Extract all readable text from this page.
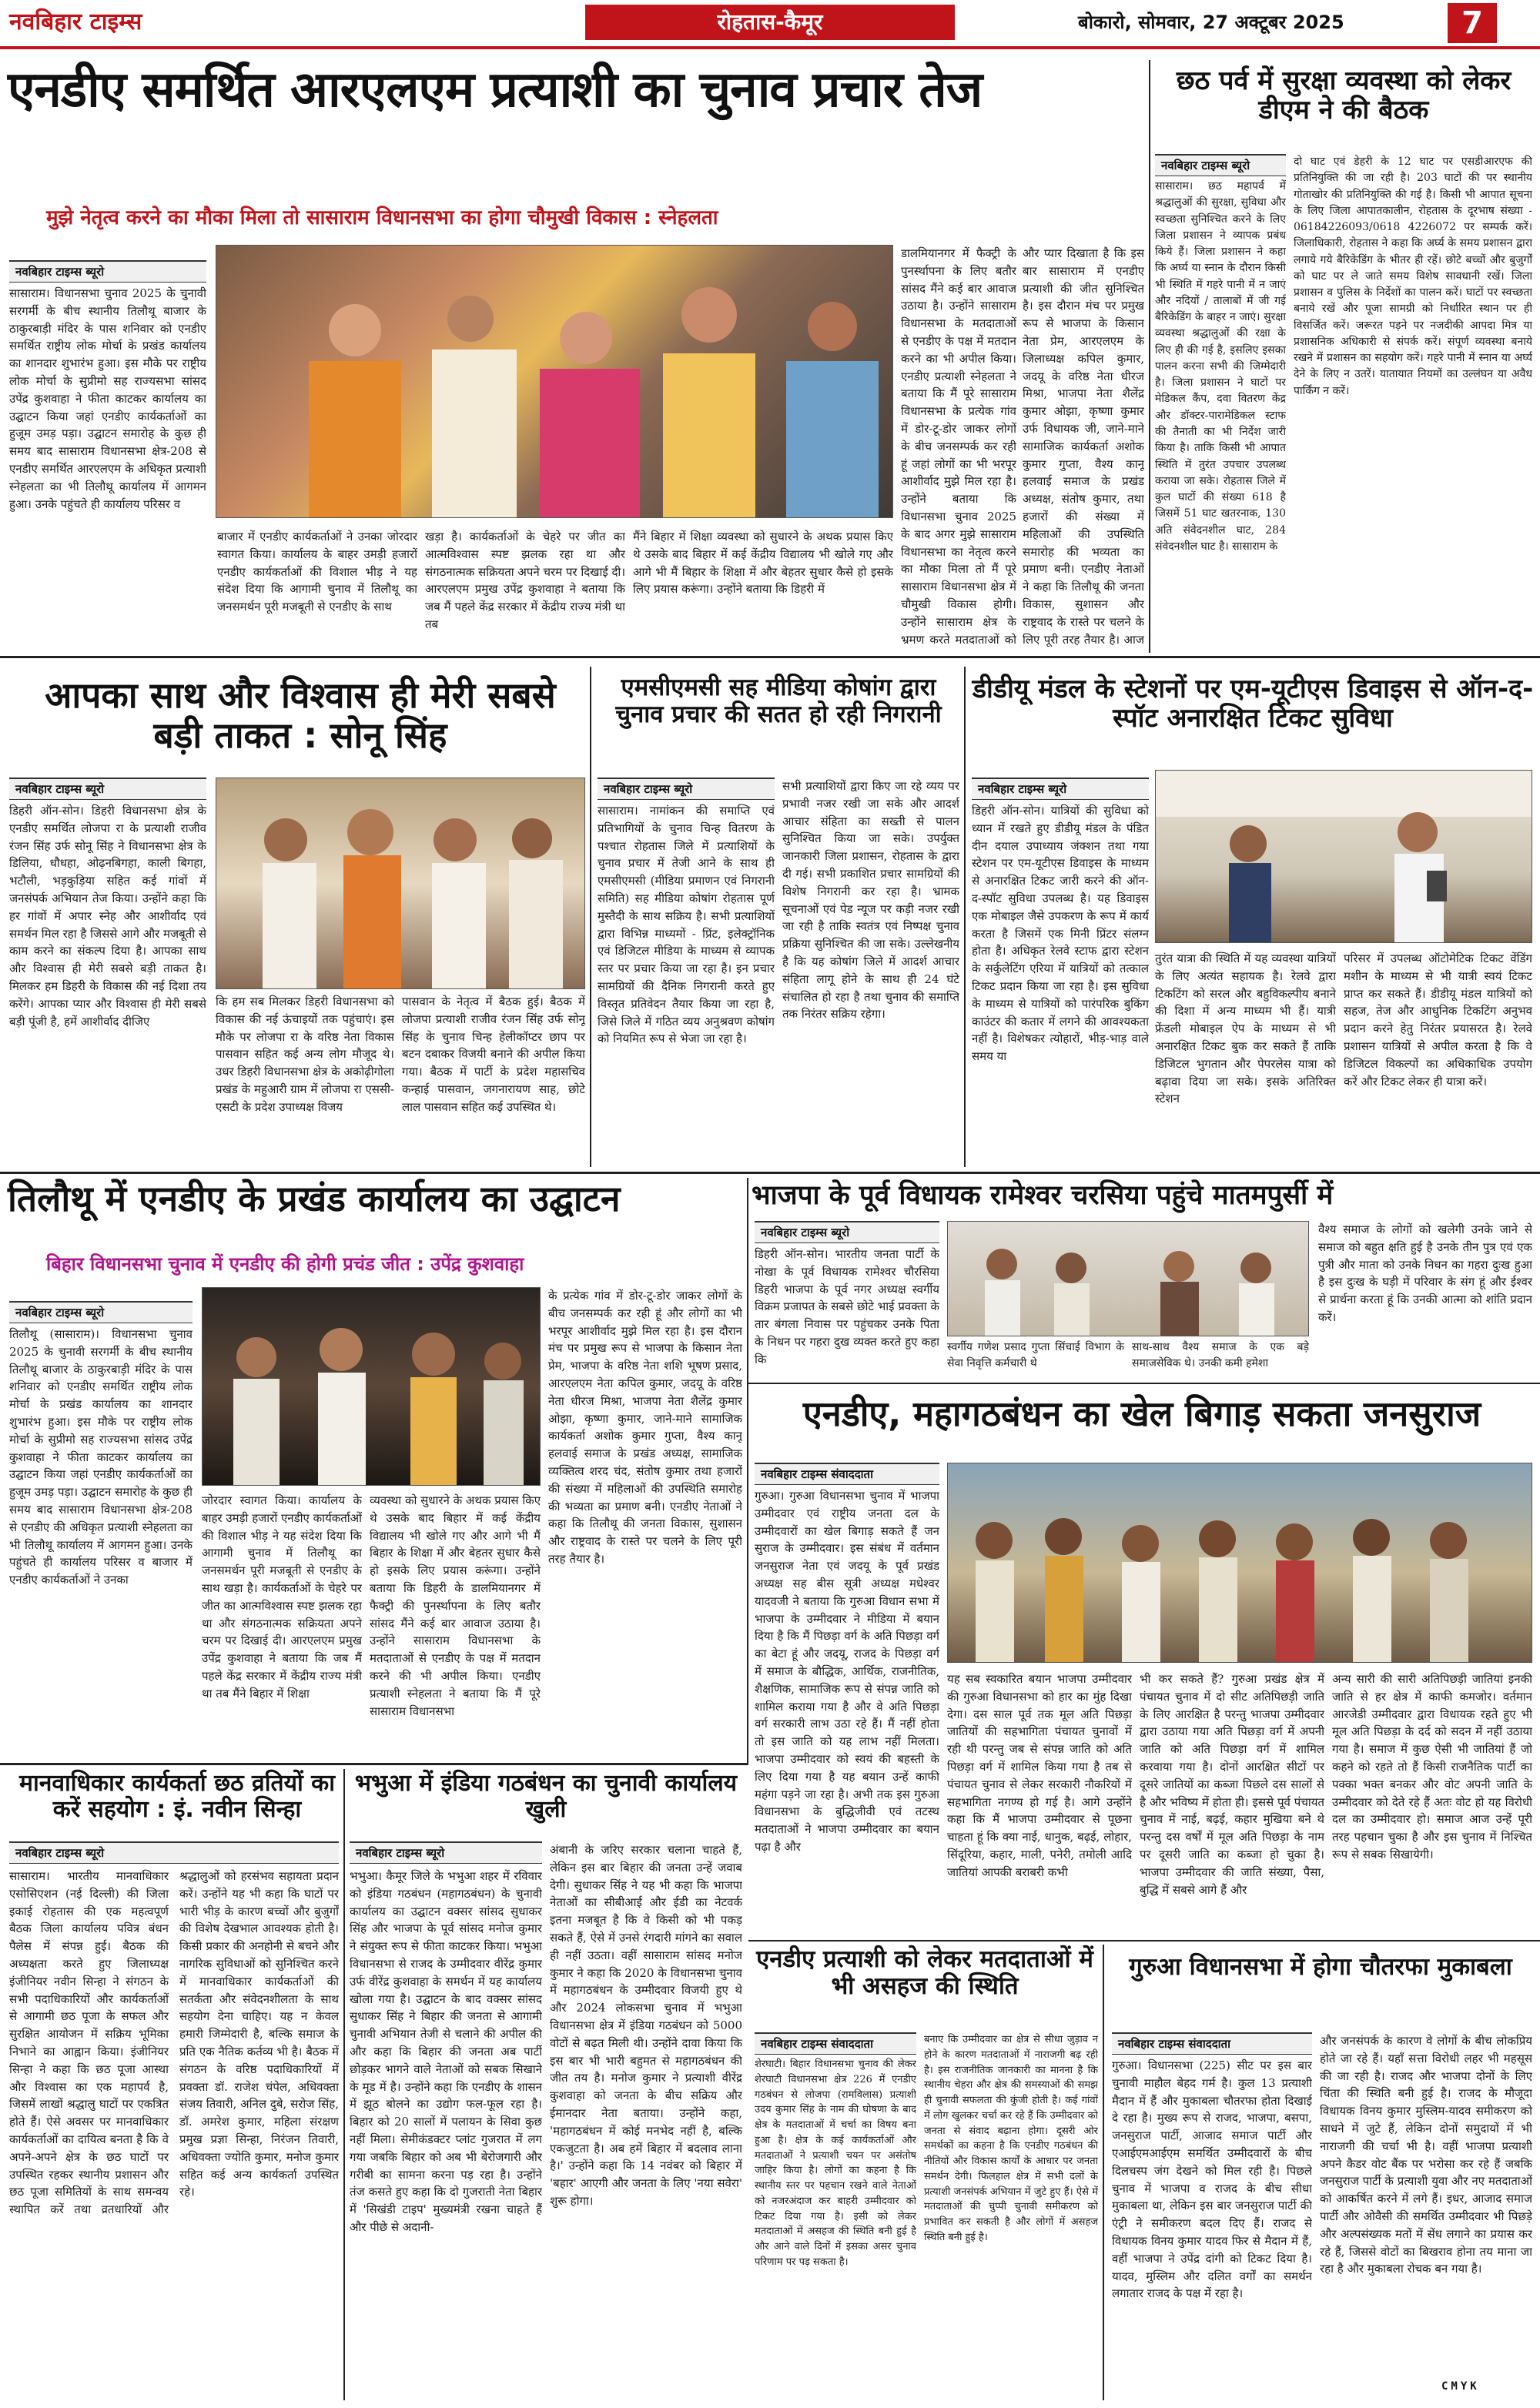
नवबिहार टाइम्स	रोहतास-कैमूर	बोकारो, सोमवार, 27 अक्टूबर 2025	7
एनडीए समर्थित आरएलएम प्रत्याशी का चुनाव प्रचार तेज
मुझे नेतृत्व करने का मौका मिला तो सासाराम विधानसभा का होगा चौमुखी विकास : स्नेहलता
नवबिहार टाइम्स ब्यूरो
सासाराम। विधानसभा चुनाव 2025 के चुनावी सरगर्मी के बीच स्थानीय तिलौथू बाजार के ठाकुरबाड़ी मंदिर के पास शनिवार को एनडीए समर्थित राष्ट्रीय लोक मोर्चा के प्रखंड कार्यालय का शानदार शुभारंभ हुआ। इस मौके पर राष्ट्रीय लोक मोर्चा के सुप्रीमो सह राज्यसभा सांसद उपेंद्र कुशवाहा ने फीता काटकर कार्यालय का उद्घाटन किया जहां एनडीए कार्यकर्ताओं का हुजूम उमड़ पड़ा। उद्घाटन समारोह के कुछ ही समय बाद सासाराम विधानसभा क्षेत्र-208 से एनडीए समर्थित आरएलएम के अधिकृत प्रत्याशी स्नेहलता का भी तिलौथू कार्यालय में आगमन हुआ। उनके पहुंचते ही कार्यालय परिसर व
बाजार में एनडीए कार्यकर्ताओं ने उनका जोरदार स्वागत किया। कार्यालय के बाहर उमड़ी हजारों एनडीए कार्यकर्ताओं की विशाल भीड़ ने यह संदेश दिया कि आगामी चुनाव में तिलौथू का जनसमर्थन पूरी मजबूती से एनडीए के साथ
खड़ा है। कार्यकर्ताओं के चेहरे पर जीत का आत्मविश्वास स्पष्ट झलक रहा था और संगठनात्मक सक्रियता अपने चरम पर दिखाई दी। आरएलएम प्रमुख उपेंद्र कुशवाहा ने बताया कि जब मैं पहले केंद्र सरकार में केंद्रीय राज्य मंत्री था तब
मैंने बिहार में शिक्षा व्यवस्था को सुधारने के अथक प्रयास किए थे उसके बाद बिहार में कई केंद्रीय विद्यालय भी खोले गए और आगे भी मैं बिहार के शिक्षा में और बेहतर सुधार कैसे हो इसके लिए प्रयास करूंगा। उन्होंने बताया कि डिहरी में
छठ पर्व में सुरक्षा व्यवस्था को लेकर डीएम ने की बैठक
नवबिहार टाइम्स ब्यूरो
सासाराम। छठ महापर्व में श्रद्धालुओं की सुरक्षा, सुविधा और स्वच्छता सुनिश्चित करने के लिए जिला प्रशासन ने व्यापक प्रबंध किये हैं। जिला प्रशासन ने कहा कि अर्घ्य या स्नान के दौरान किसी भी स्थिति में गहरे पानी में न जाएं और नदियों / तालाबों में जी गई बैरिकेडिंग के बाहर न जाएं। सुरक्षा व्यवस्था श्रद्धालुओं की रक्षा के लिए ही की गई है, इसलिए इसका पालन करना सभी की जिम्मेदारी है। जिला प्रशासन ने घाटों पर मेडिकल कैंप, दवा वितरण केंद्र और डॉक्टर-पारामेडिकल स्टाफ की तैनाती का भी निर्देश जारी किया है। ताकि किसी भी आपात स्थिति में तुरंत उपचार उपलब्ध कराया जा सके। रोहतास जिले में कुल घाटों की संख्या 618 है जिसमें 51 घाट खतरनाक, 130 अति संवेदनशील घाट, 284 संवेदनशील घाट है। सासाराम के
दो घाट एवं डेहरी के 12 घाट पर एसडीआरएफ की प्रतिनियुक्ति की जा रही है। 203 घाटों की पर स्थानीय गोताखोर की प्रतिनियुक्ति की गई है। किसी भी आपात सूचना के लिए जिला आपातकालीन, रोहतास के दूरभाष संख्या - 06184226093/0618 4226072 पर सम्पर्क करें। जिलाधिकारी, रोहतास ने कहा कि अर्घ्य के समय प्रशासन द्वारा लगाये गये बैरिकेडिंग के भीतर ही रहें। छोटे बच्चों और बुजुर्गों को घाट पर ले जाते समय विशेष सावधानी रखें। जिला प्रशासन व पुलिस के निर्देशों का पालन करें। घाटों पर स्वच्छता बनाये रखें और पूजा सामग्री को निर्धारित स्थान पर ही विसर्जित करें। जरूरत पड़ने पर नजदीकी आपदा मित्र या प्रशासनिक अधिकारी से संपर्क करें। संपूर्ण व्यवस्था बनाये रखने में प्रशासन का सहयोग करें। गहरे पानी में स्नान या अर्घ्य देने के लिए न उतरें। यातायात नियमों का उल्लंघन या अवैध पार्किंग न करें।
आपका साथ और विश्वास ही मेरी सबसे बड़ी ताकत : सोनू सिंह
नवबिहार टाइम्स ब्यूरो
डिहरी ऑन-सोन। डिहरी विधानसभा क्षेत्र के एनडीए समर्थित लोजपा रा के प्रत्याशी राजीव रंजन सिंह उर्फ सोनू सिंह ने विधानसभा क्षेत्र के डिलिया, धौधहा, ओढ़नबिगहा, काली बिगहा, भटौली, भड़कुड़िया सहित कई गांवों में जनसंपर्क अभियान तेज किया। उन्होंने कहा कि हर गांवों में अपार स्नेह और आशीर्वाद एवं समर्थन मिल रहा है जिससे आगे और मजबूती से काम करने का संकल्प दिया है। आपका साथ और विश्वास ही मेरी सबसे बड़ी ताकत है। मिलकर हम डिहरी के विकास की नई दिशा तय करेंगे। आपका प्यार और विश्वास ही मेरी सबसे बड़ी पूंजी है, हमें आशीर्वाद दीजिए
कि हम सब मिलकर डिहरी विधानसभा को विकास की नई ऊंचाइयों तक पहुंचाएं। इस मौके पर लोजपा रा के वरिष्ठ नेता विकास पासवान सहित कई अन्य लोग मौजूद थे। उधर डिहरी विधानसभा क्षेत्र के अकोढ़ीगोला प्रखंड के महुआरी ग्राम में लोजपा रा एससी-एसटी के प्रदेश उपाध्यक्ष विजय
पासवान के नेतृत्व में बैठक हुई। बैठक में लोजपा प्रत्याशी राजीव रंजन सिंह उर्फ सोनू सिंह के चुनाव चिन्ह हेलीकॉप्टर छाप पर बटन दबाकर विजयी बनाने की अपील किया गया। बैठक में पार्टी के प्रदेश महासचिव कन्हाई पासवान, जगनारायण साह, छोटे लाल पासवान सहित कई उपस्थित थे।
एमसीएमसी सह मीडिया कोषांग द्वारा चुनाव प्रचार की सतत हो रही निगरानी
नवबिहार टाइम्स ब्यूरो
सासाराम। नामांकन की समाप्ति एवं प्रतिभागियों के चुनाव चिन्ह वितरण के पश्चात रोहतास जिले में प्रत्याशियों के चुनाव प्रचार में तेजी आने के साथ ही एमसीएमसी (मीडिया प्रमाणन एवं निगरानी समिति) सह मीडिया कोषांग रोहतास पूर्ण मुस्तैदी के साथ सक्रिय है। सभी प्रत्याशियों द्वारा विभिन्न माध्यमों - प्रिंट, इलेक्ट्रॉनिक एवं डिजिटल मीडिया के माध्यम से व्यापक स्तर पर प्रचार किया जा रहा है। इन प्रचार सामग्रियों की दैनिक निगरानी करते हुए विस्तृत प्रतिवेदन तैयार किया जा रहा है, जिसे जिले में गठित व्यय अनुश्रवण कोषांग को नियमित रूप से भेजा जा रहा है।
सभी प्रत्याशियों द्वारा किए जा रहे व्यय पर प्रभावी नजर रखी जा सके और आदर्श आचार संहिता का सख्ती से पालन सुनिश्चित किया जा सके। उपर्युक्त जानकारी जिला प्रशासन, रोहतास के द्वारा दी गई। सभी प्रकाशित प्रचार सामग्रियों की विशेष निगरानी कर रहा है। भ्रामक सूचनाओं एवं पेड न्यूज पर कड़ी नजर रखी जा रही है ताकि स्वतंत्र एवं निष्पक्ष चुनाव प्रक्रिया सुनिश्चित की जा सके। उल्लेखनीय है कि यह कोषांग जिले में आदर्श आचार संहिता लागू होने के साथ ही 24 घंटे संचालित हो रहा है तथा चुनाव की समाप्ति तक निरंतर सक्रिय रहेगा।
डीडीयू मंडल के स्टेशनों पर एम-यूटीएस डिवाइस से ऑन-द-स्पॉट अनारक्षित टिकट सुविधा
नवबिहार टाइम्स ब्यूरो
डिहरी ऑन-सोन। यात्रियों की सुविधा को ध्यान में रखते हुए डीडीयू मंडल के पंडित दीन दयाल उपाध्याय जंक्शन तथा गया स्टेशन पर एम-यूटीएस डिवाइस के माध्यम से अनारक्षित टिकट जारी करने की ऑन-द-स्पॉट सुविधा उपलब्ध है। यह डिवाइस एक मोबाइल जैसे उपकरण के रूप में कार्य करता है जिसमें एक मिनी प्रिंटर संलग्न होता है। अधिकृत रेलवे स्टाफ द्वारा स्टेशन के सर्कुलेटिंग एरिया में यात्रियों को तत्काल टिकट प्रदान किया जा रहा है। इस सुविधा के माध्यम से यात्रियों को पारंपरिक बुकिंग काउंटर की कतार में लगने की आवश्यकता नहीं है। विशेषकर त्योहारों, भीड़-भाड़ वाले समय या
तुरंत यात्रा की स्थिति में यह व्यवस्था यात्रियों के लिए अत्यंत सहायक है। रेलवे द्वारा टिकटिंग को सरल और बहुविकल्पीय बनाने की दिशा में अन्य माध्यम भी हैं। यात्री फ्रेंडली मोबाइल ऐप के माध्यम से भी अनारक्षित टिकट बुक कर सकते हैं ताकि डिजिटल भुगतान और पेपरलेस यात्रा को बढ़ावा दिया जा सके। इसके अतिरिक्त स्टेशन
परिसर में उपलब्ध ऑटोमेटिक टिकट वेंडिंग मशीन के माध्यम से भी यात्री स्वयं टिकट प्राप्त कर सकते हैं। डीडीयू मंडल यात्रियों को सहज, तेज और आधुनिक टिकटिंग अनुभव प्रदान करने हेतु निरंतर प्रयासरत है। रेलवे प्रशासन यात्रियों से अपील करता है कि वे डिजिटल विकल्पों का अधिकाधिक उपयोग करें और टिकट लेकर ही यात्रा करें।
तिलौथू में एनडीए के प्रखंड कार्यालय का उद्घाटन
बिहार विधानसभा चुनाव में एनडीए की होगी प्रचंड जीत : उपेंद्र कुशवाहा
नवबिहार टाइम्स ब्यूरो
तिलौथू (सासाराम)। विधानसभा चुनाव 2025 के चुनावी सरगर्मी के बीच स्थानीय तिलौथू बाजार के ठाकुरबाड़ी मंदिर के पास शनिवार को एनडीए समर्थित राष्ट्रीय लोक मोर्चा के प्रखंड कार्यालय का शानदार शुभारंभ हुआ। इस मौके पर राष्ट्रीय लोक मोर्चा के सुप्रीमो सह राज्यसभा सांसद उपेंद्र कुशवाहा ने फीता काटकर कार्यालय का उद्घाटन किया जहां एनडीए कार्यकर्ताओं का हुजूम उमड़ पड़ा। उद्घाटन समारोह के कुछ ही समय बाद सासाराम विधानसभा क्षेत्र-208 से एनडीए की अधिकृत प्रत्याशी स्नेहलता का भी तिलौथू कार्यालय में आगमन हुआ। उनके पहुंचते ही कार्यालय परिसर व बाजार में एनडीए कार्यकर्ताओं ने उनका
जोरदार स्वागत किया। कार्यालय के बाहर उमड़ी हजारों एनडीए कार्यकर्ताओं की विशाल भीड़ ने यह संदेश दिया कि आगामी चुनाव में तिलौथू का जनसमर्थन पूरी मजबूती से एनडीए के साथ खड़ा है। कार्यकर्ताओं के चेहरे पर जीत का आत्मविश्वास स्पष्ट झलक रहा था और संगठनात्मक सक्रियता अपने चरम पर दिखाई दी। आरएलएम प्रमुख उपेंद्र कुशवाहा ने बताया कि जब मैं पहले केंद्र सरकार में केंद्रीय राज्य मंत्री था तब मैंने बिहार में शिक्षा
व्यवस्था को सुधारने के अथक प्रयास किए थे उसके बाद बिहार में कई केंद्रीय विद्यालय भी खोले गए और आगे भी मैं बिहार के शिक्षा में और बेहतर सुधार कैसे हो इसके लिए प्रयास करूंगा। उन्होंने बताया कि डिहरी के डालमियानगर में फैक्ट्री की पुनर्स्थापना के लिए बतौर सांसद मैंने कई बार आवाज उठाया है। उन्होंने सासाराम विधानसभा के मतदाताओं से एनडीए के पक्ष में मतदान करने की भी अपील किया। एनडीए प्रत्याशी स्नेहलता ने बताया कि मैं पूरे सासाराम विधानसभा
के प्रत्येक गांव में डोर-टू-डोर जाकर लोगों के बीच जनसम्पर्क कर रही हूं और लोगों का भी भरपूर आशीर्वाद मुझे मिल रहा है। इस दौरान मंच पर प्रमुख रूप से भाजपा के किसान नेता प्रेम, भाजपा के वरिष्ठ नेता शशि भूषण प्रसाद, आरएलएम नेता कपिल कुमार, जदयू के वरिष्ठ नेता धीरज मिश्रा, भाजपा नेता शैलेंद्र कुमार ओझा, कृष्णा कुमार, जाने-माने सामाजिक कार्यकर्ता अशोक कुमार गुप्ता, वैश्य कानू हलवाई समाज के प्रखंड अध्यक्ष, सामाजिक व्यक्तित्व शरद चंद, संतोष कुमार तथा हजारों की संख्या में महिलाओं की उपस्थिति समारोह की भव्यता का प्रमाण बनी। एनडीए नेताओं ने कहा कि तिलौथू की जनता विकास, सुशासन और राष्ट्रवाद के रास्ते पर चलने के लिए पूरी तरह तैयार है।
भाजपा के पूर्व विधायक रामेश्वर चरसिया पहुंचे मातमपुर्सी में
नवबिहार टाइम्स ब्यूरो
डिहरी ऑन-सोन। भारतीय जनता पार्टी के नोखा के पूर्व विधायक रामेश्वर चौरसिया डिहरी भाजपा के पूर्व नगर अध्यक्ष स्वर्गीय विक्रम प्रजापत के सबसे छोटे भाई प्रवक्ता के तार बंगला निवास पर पहुंचकर उनके पिता के निधन पर गहरा दुख व्यक्त करते हुए कहा कि
स्वर्गीय गणेश प्रसाद गुप्ता सिंचाई विभाग के सेवा निवृत्ति कर्मचारी थे
साथ-साथ वैश्य समाज के एक बड़े समाजसेविक थे। उनकी कमी हमेशा
वैश्य समाज के लोगों को खलेगी उनके जाने से समाज को बहुत क्षति हुई है उनके तीन पुत्र एवं एक पुत्री और माता को उनके निधन का गहरा दुःख हुआ है इस दुःख के घड़ी में परिवार के संग हूं और ईश्वर से प्रार्थना करता हूं कि उनकी आत्मा को शांति प्रदान करें।
एनडीए, महागठबंधन का खेल बिगाड़ सकता जनसुराज
नवबिहार टाइम्स संवाददाता
गुरुआ। गुरुआ विधानसभा चुनाव में भाजपा उम्मीदवार एवं राष्ट्रीय जनता दल के उम्मीदवारों का खेल बिगाड़ सकते हैं जन सुराज के उम्मीदवार। इस संबंध में वर्तमान जनसुराज नेता एवं जदयू के पूर्व प्रखंड अध्यक्ष सह बीस सूत्री अध्यक्ष मधेश्वर यादवजी ने बताया कि गुरुआ विधान सभा में भाजपा के उम्मीदवार ने मीडिया में बयान दिया है कि मैं पिछड़ा वर्ग के अति पिछड़ा वर्ग का बेटा हूं और जदयू, राजद के पिछड़ा वर्ग में समाज के बौद्धिक, आर्थिक, राजनीतिक, शैक्षणिक, सामाजिक रूप से संपन्न जाति को शामिल कराया गया है और वे अति पिछड़ा वर्ग सरकारी लाभ उठा रहे हैं। मैं नहीं होता तो इस जाति को यह लाभ नहीं मिलता। भाजपा उम्मीदवार को स्वयं की बहस्ती के लिए दिया गया है यह बयान उन्हें काफी महंगा पड़ने जा रहा है। अभी तक इस गुरुआ विधानसभा के बुद्धिजीवी एवं तटस्थ मतदाताओं ने भाजपा उम्मीदवार का बयान पढ़ा है और
यह सब स्वकारित बयान भाजपा उम्मीदवार की गुरुआ विधानसभा को हार का मुंह दिखा देगा। दस साल पूर्व तक मूल अति पिछड़ा जातियों की सहभागिता पंचायत चुनावों में रही थी परन्तु जब से संपन्न जाति को अति पिछड़ा वर्ग में शामिल किया गया है तब से पंचायत चुनाव से लेकर सरकारी नौकरियों में सहभागिता नगण्य हो गई है। आगे उन्होंने कहा कि मैं भाजपा उम्मीदवार से पूछना चाहता हूं कि क्या नाई, धानुक, बढ़ई, लोहार, सिंदूरिया, कहार, माली, पनेरी, तमोली आदि जातियां आपकी बराबरी कभी
भी कर सकते हैं? गुरुआ प्रखंड क्षेत्र में पंचायत चुनाव में दो सीट अतिपिछड़ी जाति के लिए आरक्षित है परन्तु भाजपा उम्मीदवार द्वारा उठाया गया अति पिछड़ा वर्ग में अपनी जाति को अति पिछड़ा वर्ग में शामिल करवाया गया है। दोनों आरक्षित सीटों पर दूसरे जातियों का कब्जा पिछले दस सालों से है और भविष्य में होता ही। इससे पूर्व पंचायत चुनाव में नाई, बढ़ई, कहार मुखिया बने थे परन्तु दस वर्षों में मूल अति पिछड़ा के नाम पर दूसरी जाति का कब्जा हो चुका है। भाजपा उम्मीदवार की जाति संख्या, पैसा, बुद्धि में सबसे आगे हैं और
अन्य सारी की सारी अतिपिछड़ी जातियां इनकी जाति से हर क्षेत्र में काफी कमजोर। वर्तमान आरजेडी उम्मीदवार द्वारा विधायक रहते हुए भी मूल अति पिछड़ा के दर्द को सदन में नहीं उठाया गया है। समाज में कुछ ऐसी भी जातियां हैं जो कहने को रहते तो हैं किसी राजनैतिक पार्टी का पक्का भक्त बनकर और वोट अपनी जाति के उम्मीदवार को देते रहे हैं अतः वोट हो यह विरोधी दल का उम्मीदवार हो। समाज आज उन्हें पूरी तरह पहचान चुका है और इस चुनाव में निश्चित रूप से सबक सिखायेगी।
मानवाधिकार कार्यकर्ता छठ व्रतियों का करें सहयोग : इं. नवीन सिन्हा
नवबिहार टाइम्स ब्यूरो
सासाराम। भारतीय मानवाधिकार एसोसिएशन (नई दिल्ली) की जिला इकाई रोहतास की एक महत्वपूर्ण बैठक जिला कार्यालय पवित्र बंधन पैलेस में संपन्न हुई। बैठक की अध्यक्षता करते हुए जिलाध्यक्ष इंजीनियर नवीन सिन्हा ने संगठन के सभी पदाधिकारियों और कार्यकर्ताओं से आगामी छठ पूजा के सफल और सुरक्षित आयोजन में सक्रिय भूमिका निभाने का आह्वान किया। इंजीनियर सिन्हा ने कहा कि छठ पूजा आस्था और विश्वास का एक महापर्व है, जिसमें लाखों श्रद्धालु घाटों पर एकत्रित होते हैं। ऐसे अवसर पर मानवाधिकार कार्यकर्ताओं का दायित्व बनता है कि वे अपने-अपने क्षेत्र के छठ घाटों पर उपस्थित रहकर स्थानीय प्रशासन और छठ पूजा समितियों के साथ समन्वय स्थापित करें तथा व्रतधारियों और श्रद्धालुओं को हरसंभव सहायता प्रदान करें। उन्होंने यह भी कहा कि घाटों पर भारी भीड़ के कारण बच्चों और बुजुर्गों की विशेष देखभाल आवश्यक होती है। किसी प्रकार की अनहोनी से बचने और नागरिक सुविधाओं को सुनिश्चित करने में मानवाधिकार कार्यकर्ताओं की सतर्कता और संवेदनशीलता के साथ सहयोग देना चाहिए। यह न केवल हमारी जिम्मेदारी है, बल्कि समाज के प्रति एक नैतिक कर्तव्य भी है। बैठक में संगठन के वरिष्ठ पदाधिकारियों में प्रवक्ता डॉ. राजेश चंपेल, अधिवक्ता संजय तिवारी, अनिल दुबे, सरोज सिंह, डॉ. अमरेश कुमार, महिला संरक्षण प्रमुख प्रज्ञा सिन्हा, निरंजन तिवारी, अधिवक्ता ज्योति कुमार, मनोज कुमार सहित कई अन्य कार्यकर्ता उपस्थित रहे।
भभुआ में इंडिया गठबंधन का चुनावी कार्यालय खुली
नवबिहार टाइम्स ब्यूरो
भभुआ। कैमूर जिले के भभुआ शहर में रविवार को इंडिया गठबंधन (महागठबंधन) के चुनावी कार्यालय का उद्घाटन वक्सर सांसद सुधाकर सिंह और भाजपा के पूर्व सांसद मनोज कुमार ने संयुक्त रूप से फीता काटकर किया। भभुआ विधानसभा से राजद के उम्मीदवार वीरेंद्र कुमार उर्फ वीरेंद्र कुशवाहा के समर्थन में यह कार्यालय खोला गया है। उद्घाटन के बाद वक्सर सांसद सुधाकर सिंह ने बिहार की जनता से आगामी चुनावी अभियान तेजी से चलाने की अपील की और कहा कि बिहार की जनता अब पार्टी छोड़कर भागने वाले नेताओं को सबक सिखाने के मूड में है। उन्होंने कहा कि एनडीए के शासन में झूठ बोलने का उद्योग फल-फूल रहा है। बिहार को 20 सालों में पलायन के सिवा कुछ नहीं मिला। सेमीकंडक्टर प्लांट गुजरात में लग गया जबकि बिहार को अब भी बेरोजगारी और गरीबी का सामना करना पड़ रहा है। उन्होंने तंज कसते हुए कहा कि दो गुजराती नेता बिहार में 'सिखंडी टाइप' मुख्यमंत्री रखना चाहते हैं और पीछे से अदानी-
अंबानी के जरिए सरकार चलाना चाहते हैं, लेकिन इस बार बिहार की जनता उन्हें जवाब देगी। सुधाकर सिंह ने यह भी कहा कि भाजपा नेताओं का सीबीआई और ईडी का नेटवर्क इतना मजबूत है कि वे किसी को भी पकड़ सकते हैं, ऐसे में उनसे रंगदारी मांगने का सवाल ही नहीं उठता। वहीं सासाराम सांसद मनोज कुमार ने कहा कि 2020 के विधानसभा चुनाव में महागठबंधन के उम्मीदवार विजयी हुए थे और 2024 लोकसभा चुनाव में भभुआ विधानसभा क्षेत्र में इंडिया गठबंधन को 5000 वोटों से बढ़त मिली थी। उन्होंने दावा किया कि इस बार भी भारी बहुमत से महागठबंधन की जीत तय है। मनोज कुमार ने प्रत्याशी वीरेंद्र कुशवाहा को जनता के बीच सक्रिय और ईमानदार नेता बताया। उन्होंने कहा, 'महागठबंधन में कोई मनभेद नहीं है, बल्कि एकजुटता है। अब हमें बिहार में बदलाव लाना है।' उन्होंने कहा कि 14 नवंबर को बिहार में 'बहार' आएगी और जनता के लिए 'नया सवेरा' शुरू होगा।
एनडीए प्रत्याशी को लेकर मतदाताओं में भी असहज की स्थिति
नवबिहार टाइम्स संवाददाता
शेरघाटी। बिहार विधानसभा चुनाव की लेकर शेरघाटी विधानसभा क्षेत्र 226 में एनडीए गठबंधन से लोजपा (रामविलास) प्रत्याशी उदय कुमार सिंह के नाम की घोषणा के बाद क्षेत्र के मतदाताओं में चर्चा का विषय बना हुआ है। क्षेत्र के कई कार्यकर्ताओं और मतदाताओं ने प्रत्याशी चयन पर असंतोष जाहिर किया है। लोगों का कहना है कि स्थानीय स्तर पर पहचान रखने वाले नेताओं को नजरअंदाज कर बाहरी उम्मीदवार को टिकट दिया गया है। इसी को लेकर मतदाताओं में असहज की स्थिति बनी हुई है और आने वाले दिनों में इसका असर चुनाव परिणाम पर पड़ सकता है।
बनाए कि उम्मीदवार का क्षेत्र से सीधा जुड़ाव न होने के कारण मतदाताओं में नाराजगी बढ़ रही है। इस राजनीतिक जानकारी का मानना है कि स्थानीय चेहरा और क्षेत्र की समस्याओं की समझ ही चुनावी सफलता की कुंजी होती है। कई गांवों में लोग खुलकर चर्चा कर रहे हैं कि उम्मीदवार को जनता से संवाद बढ़ाना होगा। दूसरी ओर समर्थकों का कहना है कि एनडीए गठबंधन की नीतियों और विकास कार्यों के आधार पर जनता समर्थन देगी। फिलहाल क्षेत्र में सभी दलों के प्रत्याशी जनसंपर्क अभियान में जुटे हुए हैं। ऐसे में मतदाताओं की चुप्पी चुनावी समीकरण को प्रभावित कर सकती है और लोगों में असहज स्थिति बनी हुई है।
गुरुआ विधानसभा में होगा चौतरफा मुकाबला
नवबिहार टाइम्स संवाददाता
गुरुआ। विधानसभा (225) सीट पर इस बार चुनावी माहौल बेहद गर्म है। कुल 13 प्रत्याशी मैदान में हैं और मुकाबला चौतरफा होता दिखाई दे रहा है। मुख्य रूप से राजद, भाजपा, बसपा, जनसुराज पार्टी, आजाद समाज पार्टी और एआईएमआईएम समर्थित उम्मीदवारों के बीच दिलचस्प जंग देखने को मिल रही है। पिछले चुनाव में भाजपा व राजद के बीच सीधा मुकाबला था, लेकिन इस बार जनसुराज पार्टी की एंट्री ने समीकरण बदल दिए हैं। राजद से विधायक विनय कुमार यादव फिर से मैदान में हैं, वहीं भाजपा ने उपेंद्र दांगी को टिकट दिया है। यादव, मुस्लिम और दलित वर्गों का समर्थन लगातार राजद के पक्ष में रहा है।
और जनसंपर्क के कारण वे लोगों के बीच लोकप्रिय होते जा रहे हैं। यहाँ सत्ता विरोधी लहर भी महसूस की जा रही है। राजद और भाजपा दोनों के लिए चिंता की स्थिति बनी हुई है। राजद के मौजूदा विधायक विनय कुमार मुस्लिम-यादव समीकरण को साधने में जुटे हैं, लेकिन दोनों समुदायों में भी नाराजगी की चर्चा भी है। वहीं भाजपा प्रत्याशी अपने कैडर वोट बैंक पर भरोसा कर रहे हैं जबकि जनसुराज पार्टी के प्रत्याशी युवा और नए मतदाताओं को आकर्षित करने में लगे हैं। इधर, आजाद समाज पार्टी और ओवैसी की समर्थित उम्मीदवार भी पिछड़े और अल्पसंख्यक मतों में सेंध लगाने का प्रयास कर रहे हैं, जिससे वोटों का बिखराव होना तय माना जा रहा है और मुकाबला रोचक बन गया है।
CMYK
डालमियानगर में फैक्ट्री के पुनर्स्थापना के लिए बतौर सांसद मैंने कई बार आवाज उठाया है। उन्होंने सासाराम विधानसभा के मतदाताओं से एनडीए के पक्ष में मतदान करने का भी अपील किया। एनडीए प्रत्याशी स्नेहलता ने बताया कि मैं पूरे सासाराम विधानसभा के प्रत्येक गांव में डोर-टू-डोर जाकर लोगों के बीच जनसम्पर्क कर रही हूं जहां लोगों का भी भरपूर आशीर्वाद मुझे मिल रहा है। उन्होंने बताया कि विधानसभा चुनाव 2025 के बाद अगर मुझे सासाराम विधानसभा का नेतृत्व करने का मौका मिला तो मैं पूरे सासाराम विधानसभा क्षेत्र में चौमुखी विकास होगी। उन्होंने सासाराम क्षेत्र के भ्रमण करते मतदाताओं को
और प्यार दिखाता है कि इस बार सासाराम में एनडीए प्रत्याशी की जीत सुनिश्चित है। इस दौरान मंच पर प्रमुख रूप से भाजपा के किसान नेता प्रेम, आरएलएम के जिलाध्यक्ष कपिल कुमार, जदयू के वरिष्ठ नेता धीरज मिश्रा, भाजपा नेता शैलेंद्र कुमार ओझा, कृष्णा कुमार उर्फ विधायक जी, जाने-माने सामाजिक कार्यकर्ता अशोक कुमार गुप्ता, वैश्य कानू हलवाई समाज के प्रखंड अध्यक्ष, संतोष कुमार, तथा हजारों की संख्या में महिलाओं की उपस्थिति समारोह की भव्यता का प्रमाण बनी। एनडीए नेताओं ने कहा कि तिलौथू की जनता विकास, सुशासन और राष्ट्रवाद के रास्ते पर चलने के लिए पूरी तरह तैयार है। आज
